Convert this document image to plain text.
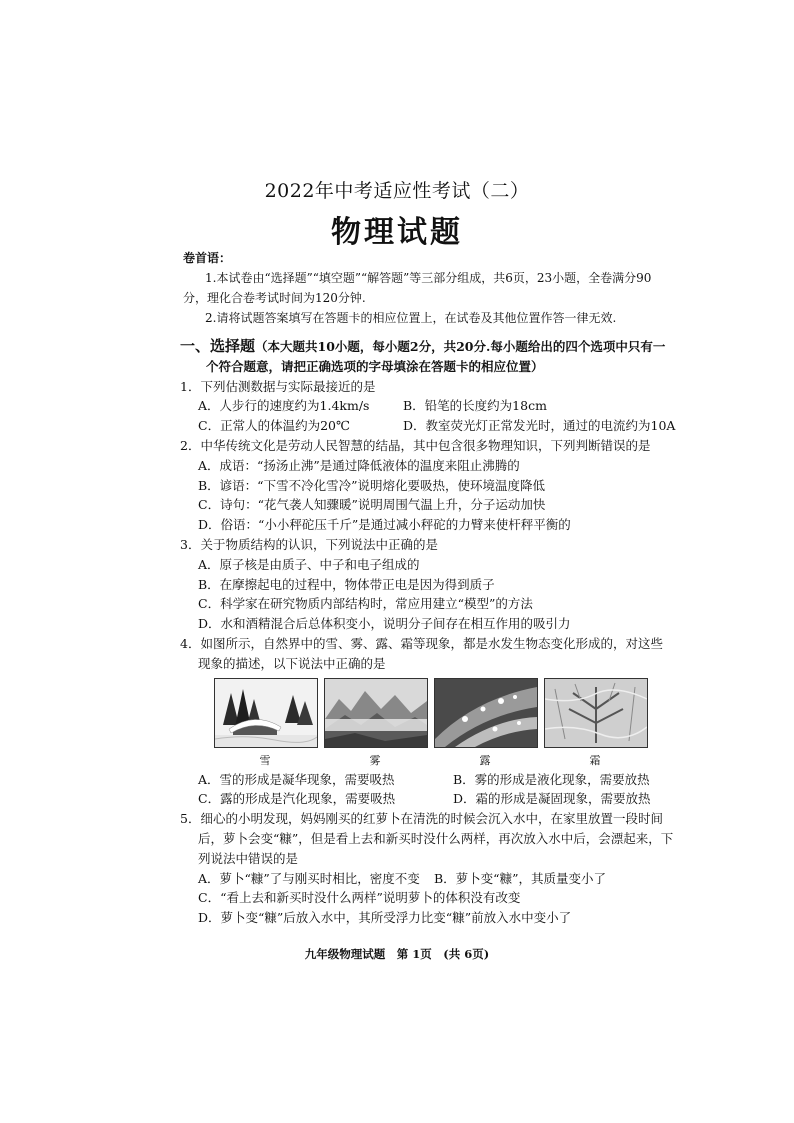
2022年中考适应性考试（二）
物理试题
卷首语：
1.本试卷由“选择题”“填空题”“解答题”等三部分组成，共6页，23小题，全卷满分90
分，理化合卷考试时间为120分钟.
2.请将试题答案填写在答题卡的相应位置上，在试卷及其他位置作答一律无效.
一、选择题（本大题共10小题，每小题2分，共20分.每小题给出的四个选项中只有一
个符合题意，请把正确选项的字母填涂在答题卡的相应位置）
1．下列估测数据与实际最接近的是
A．人步行的速度约为1.4km/s	B．铅笔的长度约为18cm
C．正常人的体温约为20℃	D．教室荧光灯正常发光时，通过的电流约为10A
2．中华传统文化是劳动人民智慧的结晶，其中包含很多物理知识，下列判断错误的是
A．成语：“扬汤止沸”是通过降低液体的温度来阻止沸腾的
B．谚语：“下雪不冷化雪冷”说明熔化要吸热，使环境温度降低
C．诗句：“花气袭人知骤暖”说明周围气温上升，分子运动加快
D．俗语：“小小秤砣压千斤”是通过减小秤砣的力臂来使杆秤平衡的
3．关于物质结构的认识，下列说法中正确的是
A．原子核是由质子、中子和电子组成的
B．在摩擦起电的过程中，物体带正电是因为得到质子
C．科学家在研究物质内部结构时，常应用建立“模型”的方法
D．水和酒精混合后总体积变小，说明分子间存在相互作用的吸引力
4．如图所示，自然界中的雪、雾、露、霜等现象，都是水发生物态变化形成的，对这些
现象的描述，以下说法中正确的是
雪	雾	露	霜
A．雪的形成是凝华现象，需要吸热	B．雾的形成是液化现象，需要放热
C．露的形成是汽化现象，需要吸热	D．霜的形成是凝固现象，需要放热
5．细心的小明发现，妈妈刚买的红萝卜在清洗的时候会沉入水中，在家里放置一段时间
后，萝卜会变“糠”，但是看上去和新买时没什么两样，再次放入水中后，会漂起来，下
列说法中错误的是
A．萝卜“糠”了与刚买时相比，密度不变	B．萝卜变“糠”，其质量变小了
C．“看上去和新买时没什么两样”说明萝卜的体积没有改变
D．萝卜变“糠”后放入水中，其所受浮力比变“糠”前放入水中变小了
九年级物理试题　第 1页　(共 6页)
